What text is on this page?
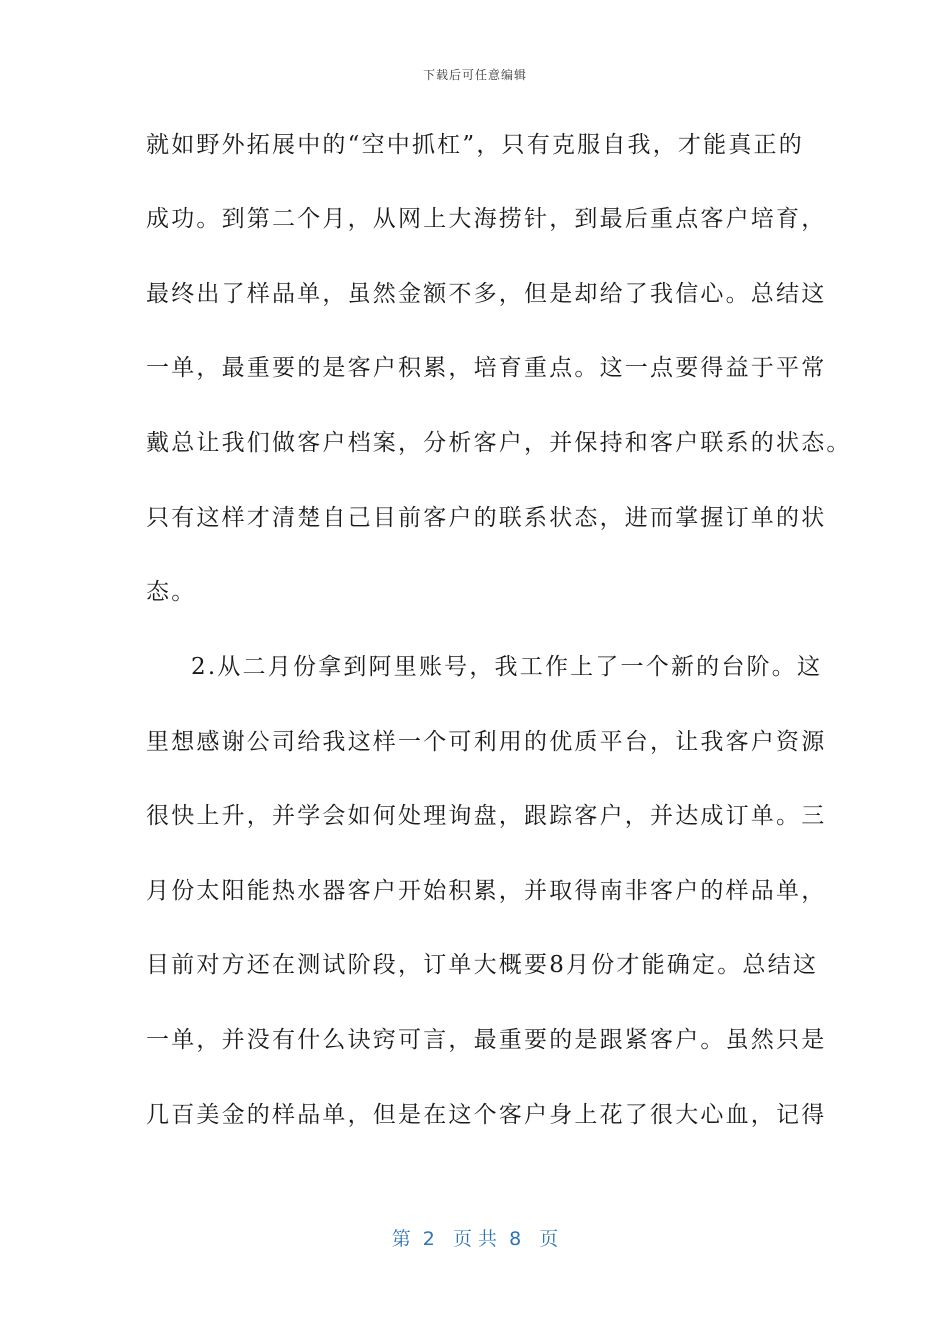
下载后可任意编辑
就如野外拓展中的“空中抓杠”，只有克服自我，才能真正的
成功。到第二个月，从网上大海捞针，到最后重点客户培育，
最终出了样品单，虽然金额不多，但是却给了我信心。总结这
一单，最重要的是客户积累，培育重点。这一点要得益于平常
戴总让我们做客户档案，分析客户，并保持和客户联系的状态。
只有这样才清楚自己目前客户的联系状态，进而掌握订单的状
态。
2.从二月份拿到阿里账号，我工作上了一个新的台阶。这
里想感谢公司给我这样一个可利用的优质平台，让我客户资源
很快上升，并学会如何处理询盘，跟踪客户，并达成订单。三
月份太阳能热水器客户开始积累，并取得南非客户的样品单，
目前对方还在测试阶段，订单大概要8月份才能确定。总结这
一单，并没有什么诀窍可言，最重要的是跟紧客户。虽然只是
几百美金的样品单，但是在这个客户身上花了很大心血，记得
第  2   页 共  8   页
